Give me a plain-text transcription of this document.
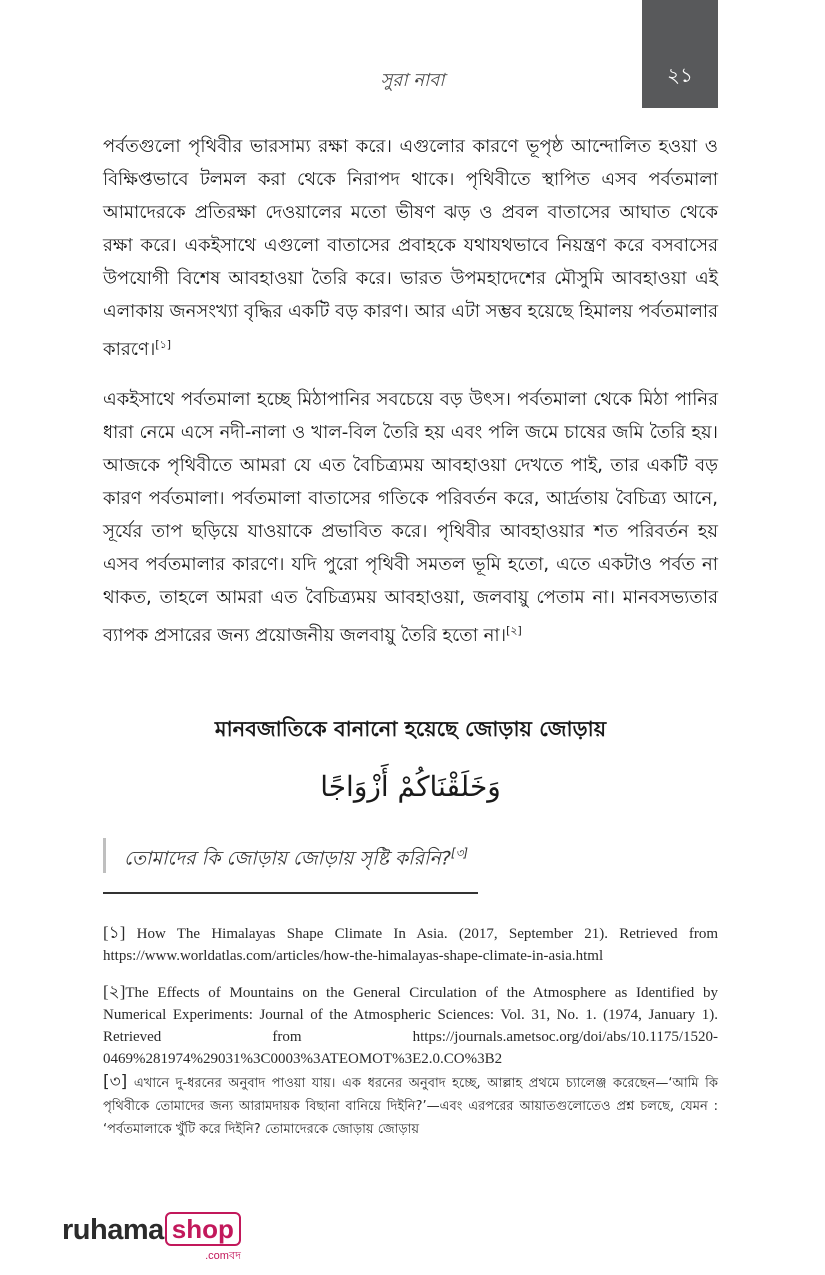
২১
সুরা নাবা

পর্বতগুলো পৃথিবীর ভারসাম্য রক্ষা করে। এগুলোর কারণে ভূপৃষ্ঠ আন্দোলিত হওয়া ও বিক্ষিপ্তভাবে টলমল করা থেকে নিরাপদ থাকে। পৃথিবীতে স্থাপিত এসব পর্বতমালা আমাদেরকে প্রতিরক্ষা দেওয়ালের মতো ভীষণ ঝড় ও প্রবল বাতাসের আঘাত থেকে রক্ষা করে। একইসাথে এগুলো বাতাসের প্রবাহকে যথাযথভাবে নিয়ন্ত্রণ করে বসবাসের উপযোগী বিশেষ আবহাওয়া তৈরি করে। ভারত উপমহাদেশের মৌসুমি আবহাওয়া এই এলাকায় জনসংখ্যা বৃদ্ধির একটি বড় কারণ। আর এটা সম্ভব হয়েছে হিমালয় পর্বতমালার কারণে।[১]

একইসাথে পর্বতমালা হচ্ছে মিঠাপানির সবচেয়ে বড় উৎস। পর্বতমালা থেকে মিঠা পানির ধারা নেমে এসে নদী-নালা ও খাল-বিল তৈরি হয় এবং পলি জমে চাষের জমি তৈরি হয়। আজকে পৃথিবীতে আমরা যে এত বৈচিত্র্যময় আবহাওয়া দেখতে পাই, তার একটি বড় কারণ পর্বতমালা। পর্বতমালা বাতাসের গতিকে পরিবর্তন করে, আর্দ্রতায় বৈচিত্র্য আনে, সূর্যের তাপ ছড়িয়ে যাওয়াকে প্রভাবিত করে। পৃথিবীর আবহাওয়ার শত পরিবর্তন হয় এসব পর্বতমালার কারণে। যদি পুরো পৃথিবী সমতল ভূমি হতো, এতে একটাও পর্বত না থাকত, তাহলে আমরা এত বৈচিত্র্যময় আবহাওয়া, জলবায়ু পেতাম না। মানবসভ্যতার ব্যাপক প্রসারের জন্য প্রয়োজনীয় জলবায়ু তৈরি হতো না।[২]

মানবজাতিকে বানানো হয়েছে জোড়ায় জোড়ায়
وَخَلَقْنَاكُمْ أَزْوَاجًا
তোমাদের কি জোড়ায় জোড়ায় সৃষ্টি করিনি?[৩]

[১] How The Himalayas Shape Climate In Asia. (2017, September 21). Retrieved from https://www.worldatlas.com/articles/how-the-himalayas-shape-climate-in-asia.html

[২]The Effects of Mountains on the General Circulation of the Atmosphere as Identified by Numerical Experiments: Journal of the Atmospheric Sciences: Vol. 31, No. 1. (1974, January 1). Retrieved from https://journals.ametsoc.org/doi/abs/10.1175/1520-0469%281974%29031%3C0003%3ATEOMOT%3E2.0.CO%3B2

[৩] এখানে দু-ধরনের অনুবাদ পাওয়া যায়। এক ধরনের অনুবাদ হচ্ছে, আল্লাহ প্রথমে চ্যালেঞ্জ করেছেন—‘আমি কি পৃথিবীকে তোমাদের জন্য আরামদায়ক বিছানা বানিয়ে দিইনি?’—এবং এরপরের আয়াতগুলোতেও প্রশ্ন চলছে, যেমন : ‘পর্বতমালাকে খুঁটি করে দিইনি? তোমাদেরকে জোড়ায় জোড়ায়

ruhama shop
.comবদ
